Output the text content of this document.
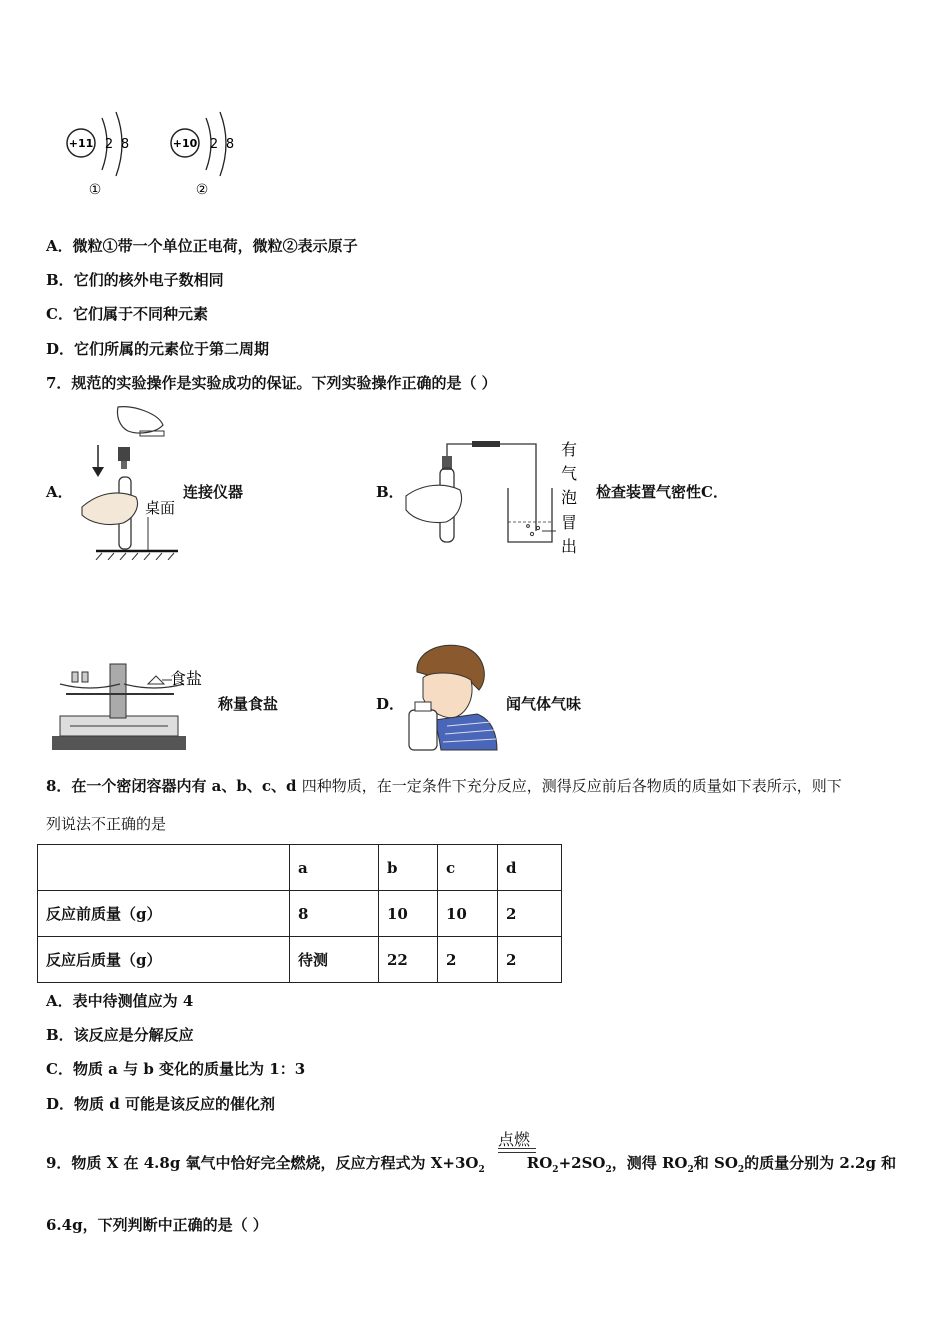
+11 2 8
①
+10 2 8
②
A．微粒①带一个单位正电荷，微粒②表示原子
B．它们的核外电子数相同
C．它们属于不同种元素
D．它们所属的元素位于第二周期
7．规范的实验操作是实验成功的保证。下列实验操作正确的是（ ）
A．
桌面
连接仪器	B．
有
气
泡
冒
出
检查装置气密性C．
食盐
称量食盐	D．	闻气体气味
8．在一个密闭容器内有 a、b、c、d 四种物质，在一定条件下充分反应，测得反应前后各物质的质量如下表所示，则下
列说法不正确的是
	a	b	c	d
反应前质量（g）	8	10	10	2
反应后质量（g）	待测	22	2	2
A．表中待测值应为 4
B．该反应是分解反应
C．物质 a 与 b 变化的质量比为 1：3
D．物质 d 可能是该反应的催化剂
点燃
9．物质 X 在 4.8g 氧气中恰好完全燃烧，反应方程式为 $X+3O_2$	$RO_2+2SO_2$，测得 $RO_2$和 $SO_2$的质量分别为 2.2g 和
6.4g，下列判断中正确的是（ ）
